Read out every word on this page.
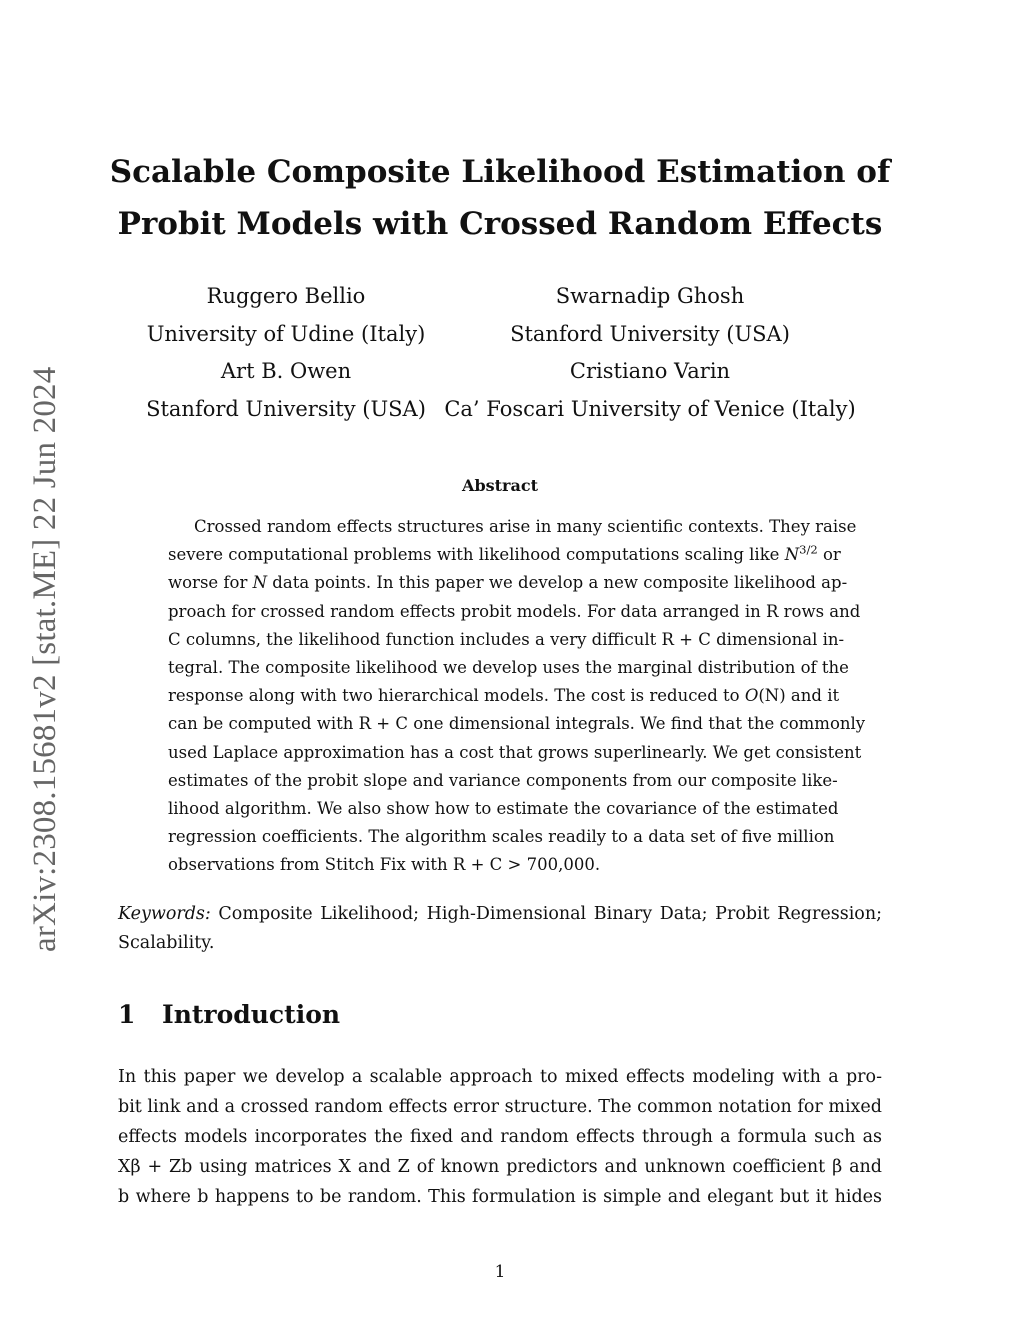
arXiv:2308.15681v2 [stat.ME] 22 Jun 2024
Scalable Composite Likelihood Estimation of
Probit Models with Crossed Random Effects
Ruggero Bellio
University of Udine (Italy)
Swarnadip Ghosh
Stanford University (USA)
Art B. Owen
Stanford University (USA)
Cristiano Varin
Ca’ Foscari University of Venice (Italy)
Abstract
Crossed random effects structures arise in many scientific contexts. They raise
severe computational problems with likelihood computations scaling like $N^{3/2}$ or
worse for N data points. In this paper we develop a new composite likelihood ap-
proach for crossed random effects probit models. For data arranged in R rows and
C columns, the likelihood function includes a very difficult R + C dimensional in-
tegral. The composite likelihood we develop uses the marginal distribution of the
response along with two hierarchical models. The cost is reduced to O(N) and it
can be computed with R + C one dimensional integrals. We find that the commonly
used Laplace approximation has a cost that grows superlinearly. We get consistent
estimates of the probit slope and variance components from our composite like-
lihood algorithm. We also show how to estimate the covariance of the estimated
regression coefficients. The algorithm scales readily to a data set of five million
observations from Stitch Fix with R + C > 700,000.
Keywords: Composite Likelihood; High-Dimensional Binary Data; Probit Regression;
Scalability.
1 Introduction
In this paper we develop a scalable approach to mixed effects modeling with a pro-
bit link and a crossed random effects error structure. The common notation for mixed
effects models incorporates the fixed and random effects through a formula such as
Xβ + Zb using matrices X and Z of known predictors and unknown coefficient β and
b where b happens to be random. This formulation is simple and elegant but it hides
1
